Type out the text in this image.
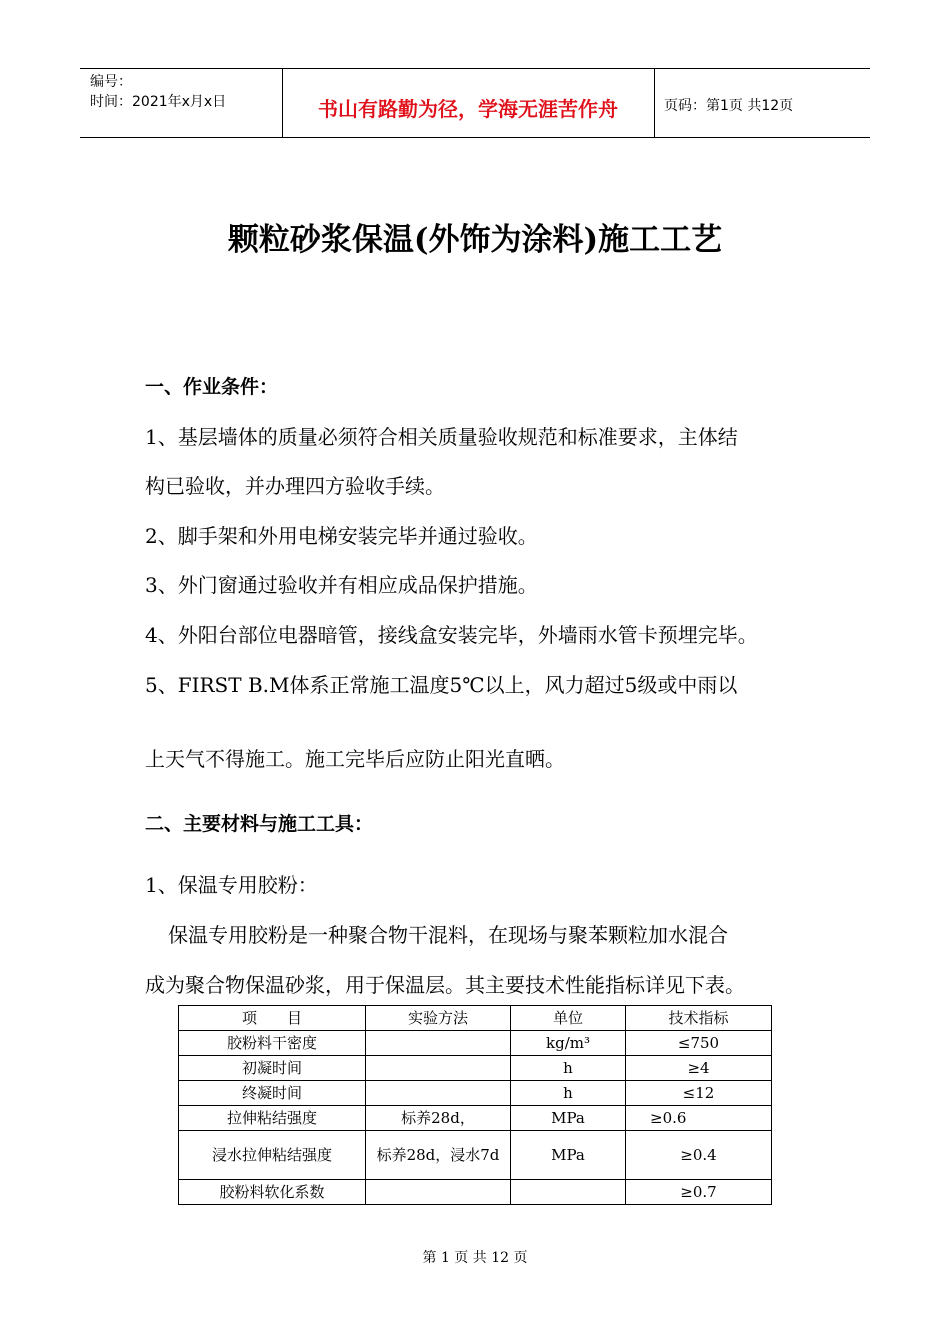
编号：
时间：2021年x月x日	书山有路勤为径，学海无涯苦作舟	页码：第1页 共12页
颗粒砂浆保温(外饰为涂料)施工工艺
一、作业条件：
1、基层墙体的质量必须符合相关质量验收规范和标准要求，主体结
构已验收，并办理四方验收手续。
2、脚手架和外用电梯安装完毕并通过验收。
3、外门窗通过验收并有相应成品保护措施。
4、外阳台部位电器暗管，接线盒安装完毕，外墙雨水管卡预埋完毕。
5、FIRST B.M体系正常施工温度5℃以上，风力超过5级或中雨以
上天气不得施工。施工完毕后应防止阳光直晒。
二、主要材料与施工工具：
1、保温专用胶粉：
保温专用胶粉是一种聚合物干混料，在现场与聚苯颗粒加水混合
成为聚合物保温砂浆，用于保温层。其主要技术性能指标详见下表。
项　　目	实验方法	单位	技术指标
胶粉料干密度		kg/m³	≤750
初凝时间		h	≥4
终凝时间		h	≤12
拉伸粘结强度	标养28d，	MPa	≥0.6
浸水拉伸粘结强度	标养28d，浸水7d	MPa	≥0.4
胶粉料软化系数			≥0.7
第 1 页 共 12 页
